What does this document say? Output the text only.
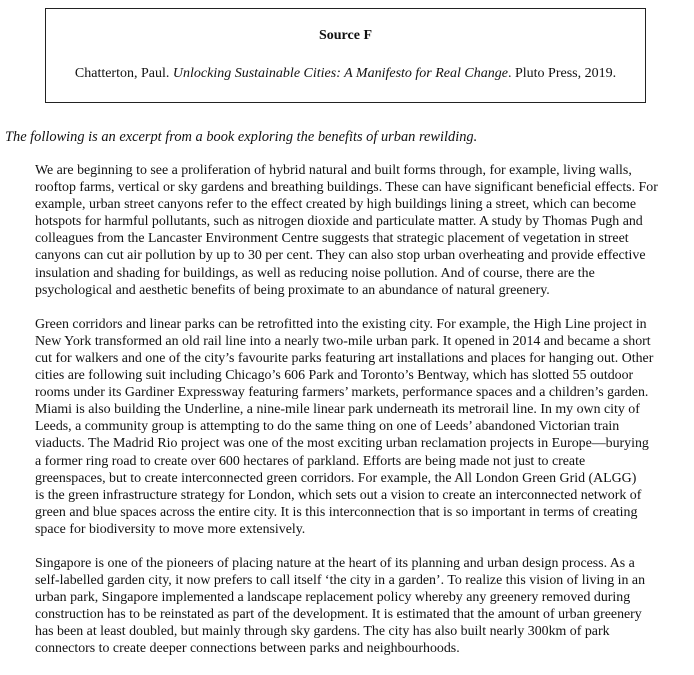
Source F
Chatterton, Paul. Unlocking Sustainable Cities: A Manifesto for Real Change. Pluto Press, 2019.
The following is an excerpt from a book exploring the benefits of urban rewilding.

We are beginning to see a proliferation of hybrid natural and built forms through, for example, living walls,
rooftop farms, vertical or sky gardens and breathing buildings. These can have significant beneficial effects. For
example, urban street canyons refer to the effect created by high buildings lining a street, which can become
hotspots for harmful pollutants, such as nitrogen dioxide and particulate matter. A study by Thomas Pugh and
colleagues from the Lancaster Environment Centre suggests that strategic placement of vegetation in street
canyons can cut air pollution by up to 30 per cent. They can also stop urban overheating and provide effective
insulation and shading for buildings, as well as reducing noise pollution. And of course, there are the
psychological and aesthetic benefits of being proximate to an abundance of natural greenery.

Green corridors and linear parks can be retrofitted into the existing city. For example, the High Line project in
New York transformed an old rail line into a nearly two-mile urban park. It opened in 2014 and became a short
cut for walkers and one of the city’s favourite parks featuring art installations and places for hanging out. Other
cities are following suit including Chicago’s 606 Park and Toronto’s Bentway, which has slotted 55 outdoor
rooms under its Gardiner Expressway featuring farmers’ markets, performance spaces and a children’s garden.
Miami is also building the Underline, a nine-mile linear park underneath its metrorail line. In my own city of
Leeds, a community group is attempting to do the same thing on one of Leeds’ abandoned Victorian train
viaducts. The Madrid Rio project was one of the most exciting urban reclamation projects in Europe—burying
a former ring road to create over 600 hectares of parkland. Efforts are being made not just to create
greenspaces, but to create interconnected green corridors. For example, the All London Green Grid (ALGG)
is the green infrastructure strategy for London, which sets out a vision to create an interconnected network of
green and blue spaces across the entire city. It is this interconnection that is so important in terms of creating
space for biodiversity to move more extensively.

Singapore is one of the pioneers of placing nature at the heart of its planning and urban design process. As a
self-labelled garden city, it now prefers to call itself ‘the city in a garden’. To realize this vision of living in an
urban park, Singapore implemented a landscape replacement policy whereby any greenery removed during
construction has to be reinstated as part of the development. It is estimated that the amount of urban greenery
has been at least doubled, but mainly through sky gardens. The city has also built nearly 300km of park
connectors to create deeper connections between parks and neighbourhoods.
